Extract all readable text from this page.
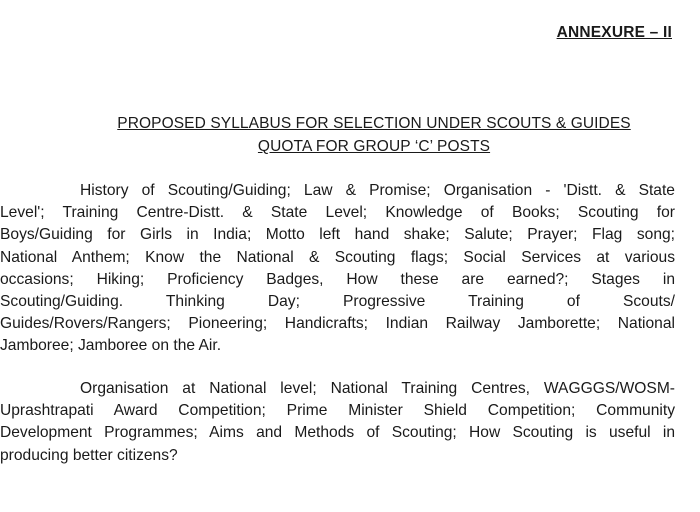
ANNEXURE – II
PROPOSED SYLLABUS FOR SELECTION UNDER SCOUTS & GUIDES
QUOTA FOR GROUP ‘C’ POSTS
History of Scouting/Guiding; Law & Promise; Organisation - 'Distt. & State
Level'; Training Centre-Distt. & State Level; Knowledge of Books; Scouting for
Boys/Guiding for Girls in India; Motto left hand shake; Salute; Prayer; Flag song;
National Anthem; Know the National & Scouting flags; Social Services at various
occasions; Hiking; Proficiency Badges, How these are earned?; Stages in
Scouting/Guiding. Thinking Day; Progressive Training of Scouts/
Guides/Rovers/Rangers; Pioneering; Handicrafts; Indian Railway Jamborette; National
Jamboree; Jamboree on the Air.
Organisation at National level; National Training Centres, WAGGGS/WOSM-
Uprashtrapati Award Competition; Prime Minister Shield Competition; Community
Development Programmes; Aims and Methods of Scouting; How Scouting is useful in
producing better citizens?
